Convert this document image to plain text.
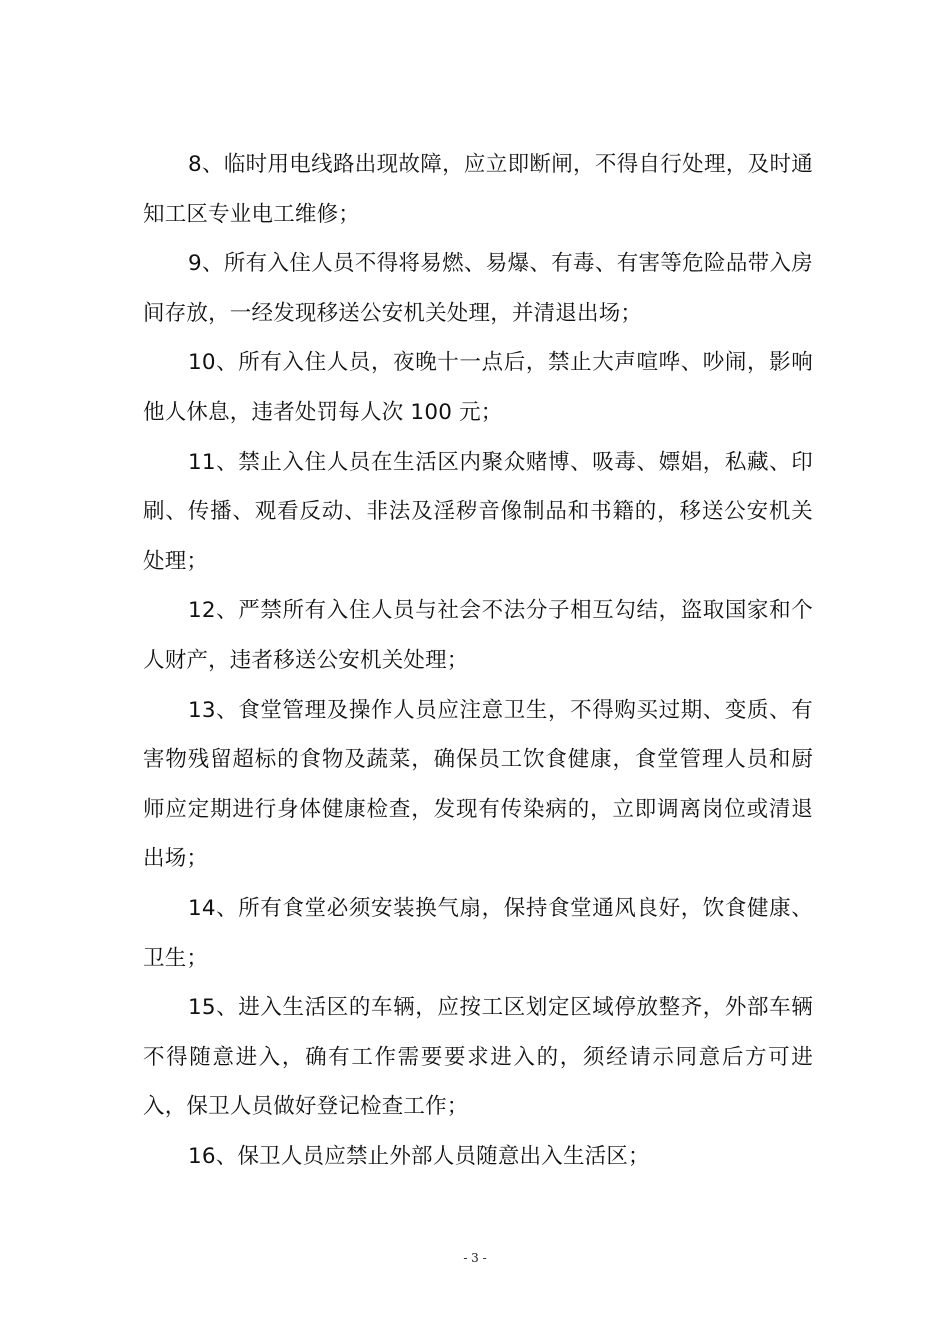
8、临时用电线路出现故障，应立即断闸，不得自行处理，及时通知工区专业电工维修；

9、所有入住人员不得将易燃、易爆、有毒、有害等危险品带入房间存放，一经发现移送公安机关处理，并清退出场；

10、所有入住人员，夜晚十一点后，禁止大声喧哗、吵闹，影响他人休息，违者处罚每人次 100 元；

11、禁止入住人员在生活区内聚众赌博、吸毒、嫖娼，私藏、印刷、传播、观看反动、非法及淫秽音像制品和书籍的，移送公安机关处理；

12、严禁所有入住人员与社会不法分子相互勾结，盗取国家和个人财产，违者移送公安机关处理；

13、食堂管理及操作人员应注意卫生，不得购买过期、变质、有害物残留超标的食物及蔬菜，确保员工饮食健康，食堂管理人员和厨师应定期进行身体健康检查，发现有传染病的，立即调离岗位或清退出场；

14、所有食堂必须安装换气扇，保持食堂通风良好，饮食健康、卫生；

15、进入生活区的车辆，应按工区划定区域停放整齐，外部车辆不得随意进入，确有工作需要要求进入的，须经请示同意后方可进入，保卫人员做好登记检查工作；

16、保卫人员应禁止外部人员随意出入生活区；

- 3 -
